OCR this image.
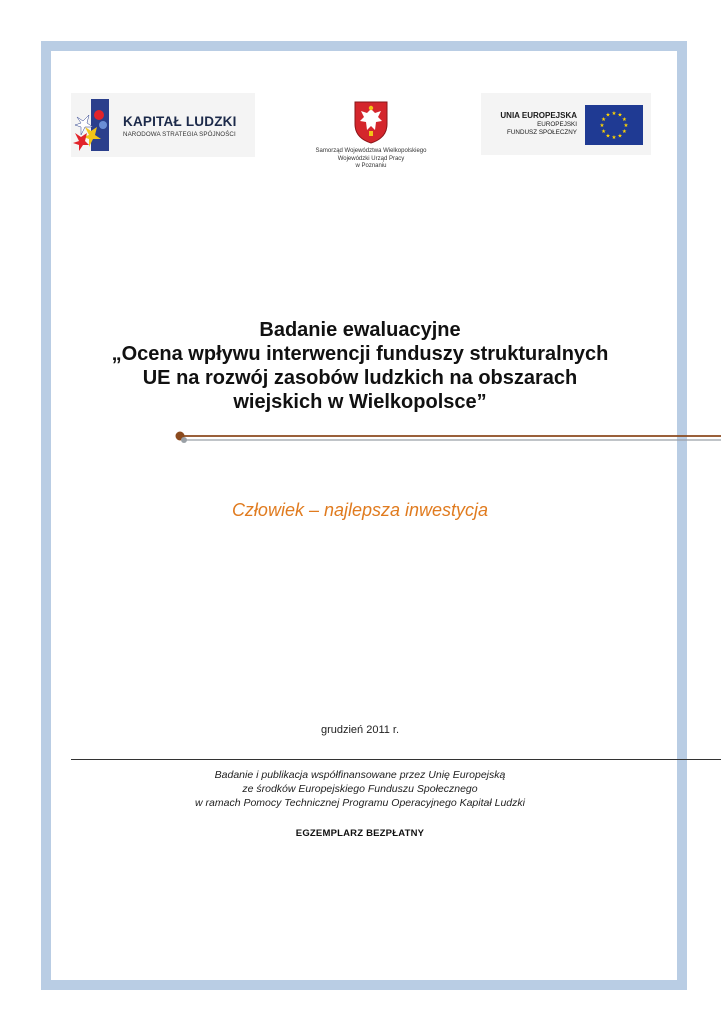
KAPITAŁ LUDZKI
NARODOWA STRATEGIA SPÓJNOŚCI
Samorząd Województwa Wielkopolskiego
Wojewódzki Urząd Pracy
w Poznaniu
UNIA EUROPEJSKA
EUROPEJSKI
FUNDUSZ SPOŁECZNY
★ ★
★
★
★
★
★
★
★
★
★
★
Badanie ewaluacyjne
„Ocena wpływu interwencji funduszy strukturalnych
UE na rozwój zasobów ludzkich na obszarach
wiejskich w Wielkopolsce”
Człowiek – najlepsza inwestycja
grudzień 2011 r.
Badanie i publikacja współfinansowane przez Unię Europejską
ze środków Europejskiego Funduszu Społecznego
w ramach Pomocy Technicznej Programu Operacyjnego Kapitał Ludzki
EGZEMPLARZ BEZPŁATNY
